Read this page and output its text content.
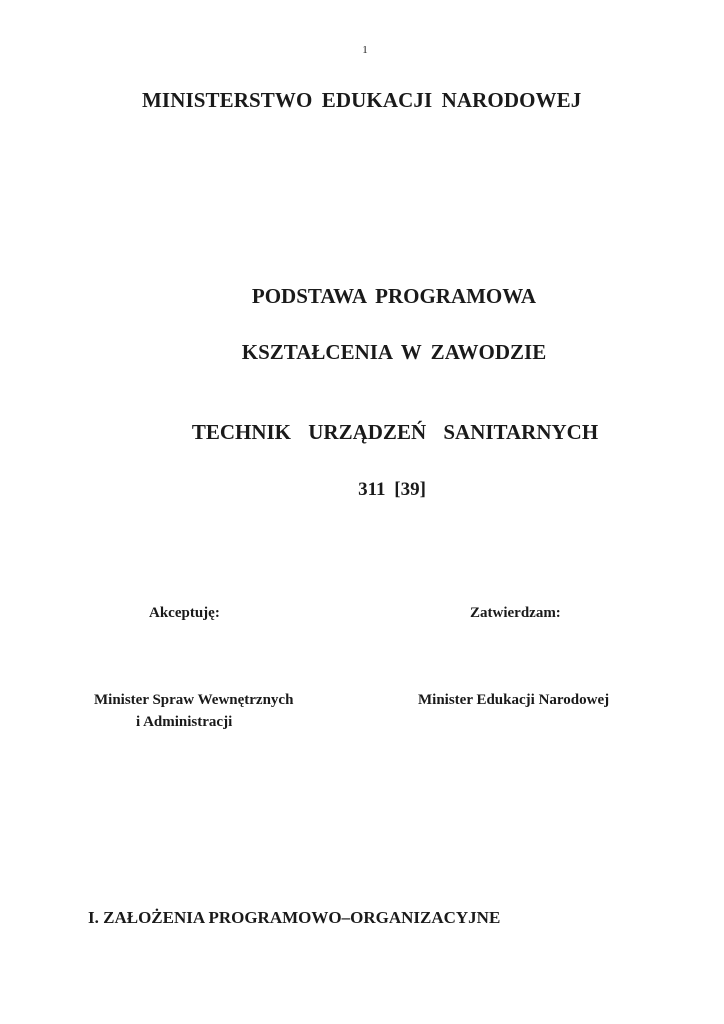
1
MINISTERSTWO EDUKACJI NARODOWEJ
PODSTAWA PROGRAMOWA
KSZTAŁCENIA W ZAWODZIE
TECHNIK URZĄDZEŃ SANITARNYCH
311 [39]
Akceptuję:	Zatwierdzam:
Minister Spraw Wewnętrznych
i Administracji
Minister Edukacji Narodowej
I. ZAŁOŻENIA PROGRAMOWO–ORGANIZACYJNE
